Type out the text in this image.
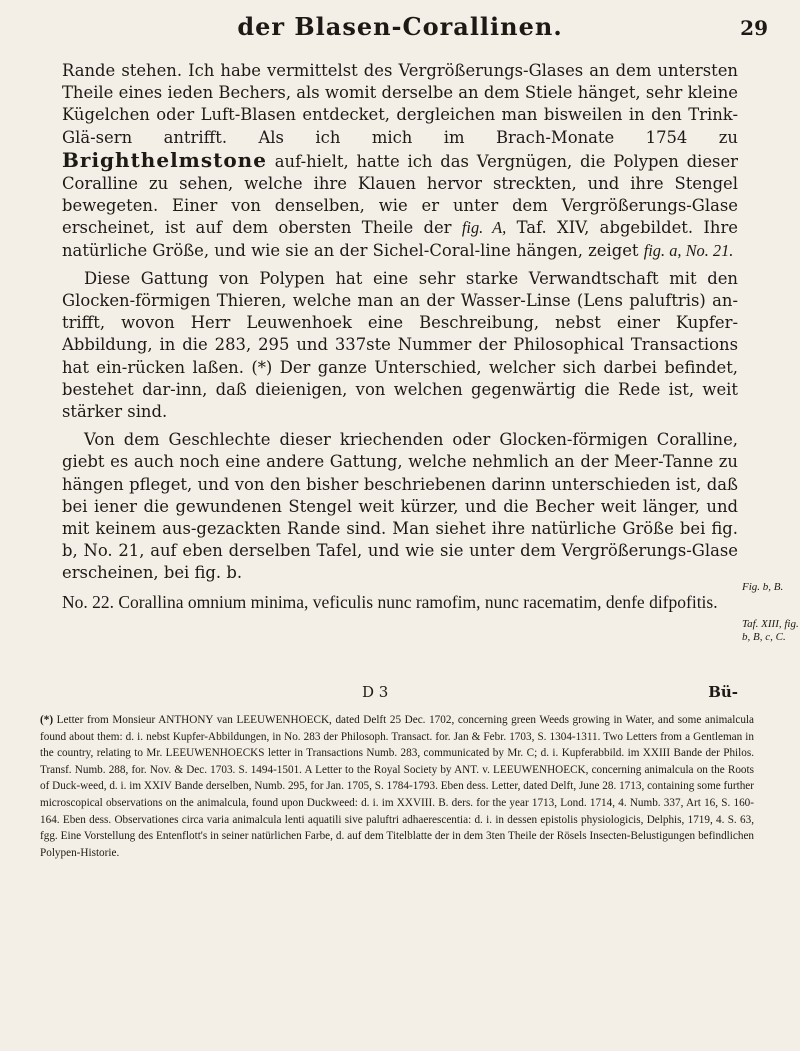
der Blasen-Corallinen.	29

Rande stehen. Ich habe vermittelst des Vergrößerungs-Glases an dem untersten Theile eines ieden Bechers, als womit derselbe an dem Stiele hänget, sehr kleine Kügelchen oder Luft-Blasen entdecket, dergleichen man bisweilen in den Trink-Glä-sern antrifft. Als ich mich im Brach-Monate 1754 zu Brighthelmstone auf-hielt, hatte ich das Vergnügen, die Polypen dieser Coralline zu sehen, welche ihre Klauen hervor streckten, und ihre Stengel bewegeten. Einer von denselben, wie er unter dem Vergrößerungs-Glase erscheinet, ist auf dem obersten Theile der fig. A, Taf. XIV, abgebildet. Ihre natürliche Größe, und wie sie an der Sichel-Coral-line hängen, zeiget fig. a, No. 21.

Diese Gattung von Polypen hat eine sehr starke Verwandtschaft mit den Glocken-förmigen Thieren, welche man an der Wasser-Linse (Lens paluftris) an-trifft, wovon Herr Leuwenhoek eine Beschreibung, nebst einer Kupfer-Abbildung, in die 283, 295 und 337ste Nummer der Philosophical Transactions hat ein-rücken laßen. (*) Der ganze Unterschied, welcher sich darbei befindet, bestehet dar-inn, daß dieienigen, von welchen gegenwärtig die Rede ist, weit stärker sind.

Von dem Geschlechte dieser kriechenden oder Glocken-förmigen Coralline, giebt es auch noch eine andere Gattung, welche nehmlich an der Meer-Tanne zu hängen pfleget, und von den bisher beschriebenen darinn unterschieden ist, daß bei iener die gewundenen Stengel weit kürzer, und die Becher weit länger, und mit keinem aus-gezackten Rande sind. Man siehet ihre natürliche Größe bei fig. b, No. 21, auf eben derselben Tafel, und wie sie unter dem Vergrößerungs-Glase erscheinen, bei fig. b.

No. 22. Corallina omnium minima, veficulis nunc ramofim, nunc racematim, denfe difpofitis.

Fig. b, B.
Taf. XIII, fig. b, B, c, C.
D 3	Bü-
(*) Letter from Monsieur ANTHONY van LEEUWENHOECK, dated Delft 25 Dec. 1702, concerning green Weeds growing in Water, and some animalcula found about them: d. i. nebst Kupfer-Abbildungen, in No. 283 der Philosoph. Transact. for. Jan & Febr. 1703, S. 1304-1311. Two Letters from a Gentleman in the country, relating to Mr. LEEUWENHOECKS letter in Transactions Numb. 283, communicated by Mr. C; d. i. Kupferabbild. im XXIII Bande der Philos. Transf. Numb. 288, for. Nov. & Dec. 1703. S. 1494-1501. A Letter to the Royal Society by ANT. v. LEEUWENHOECK, concerning animalcula on the Roots of Duck-weed, d. i. im XXIV Bande derselben, Numb. 295, for Jan. 1705, S. 1784-1793. Eben dess. Letter, dated Delft, June 28. 1713, containing some further microscopical observations on the animalcula, found upon Duckweed: d. i. im XXVIII. B. ders. for the year 1713, Lond. 1714, 4. Numb. 337, Art 16, S. 160-164. Eben dess. Observationes circa varia animalcula lenti aquatili sive paluftri adhaerescentia: d. i. in dessen epistolis physiologicis, Delphis, 1719, 4. S. 63, fgg. Eine Vorstellung des Entenflott's in seiner natürlichen Farbe, d. auf dem Titelblatte der in dem 3ten Theile der Rösels Insecten-Belustigungen befindlichen Polypen-Historie.
